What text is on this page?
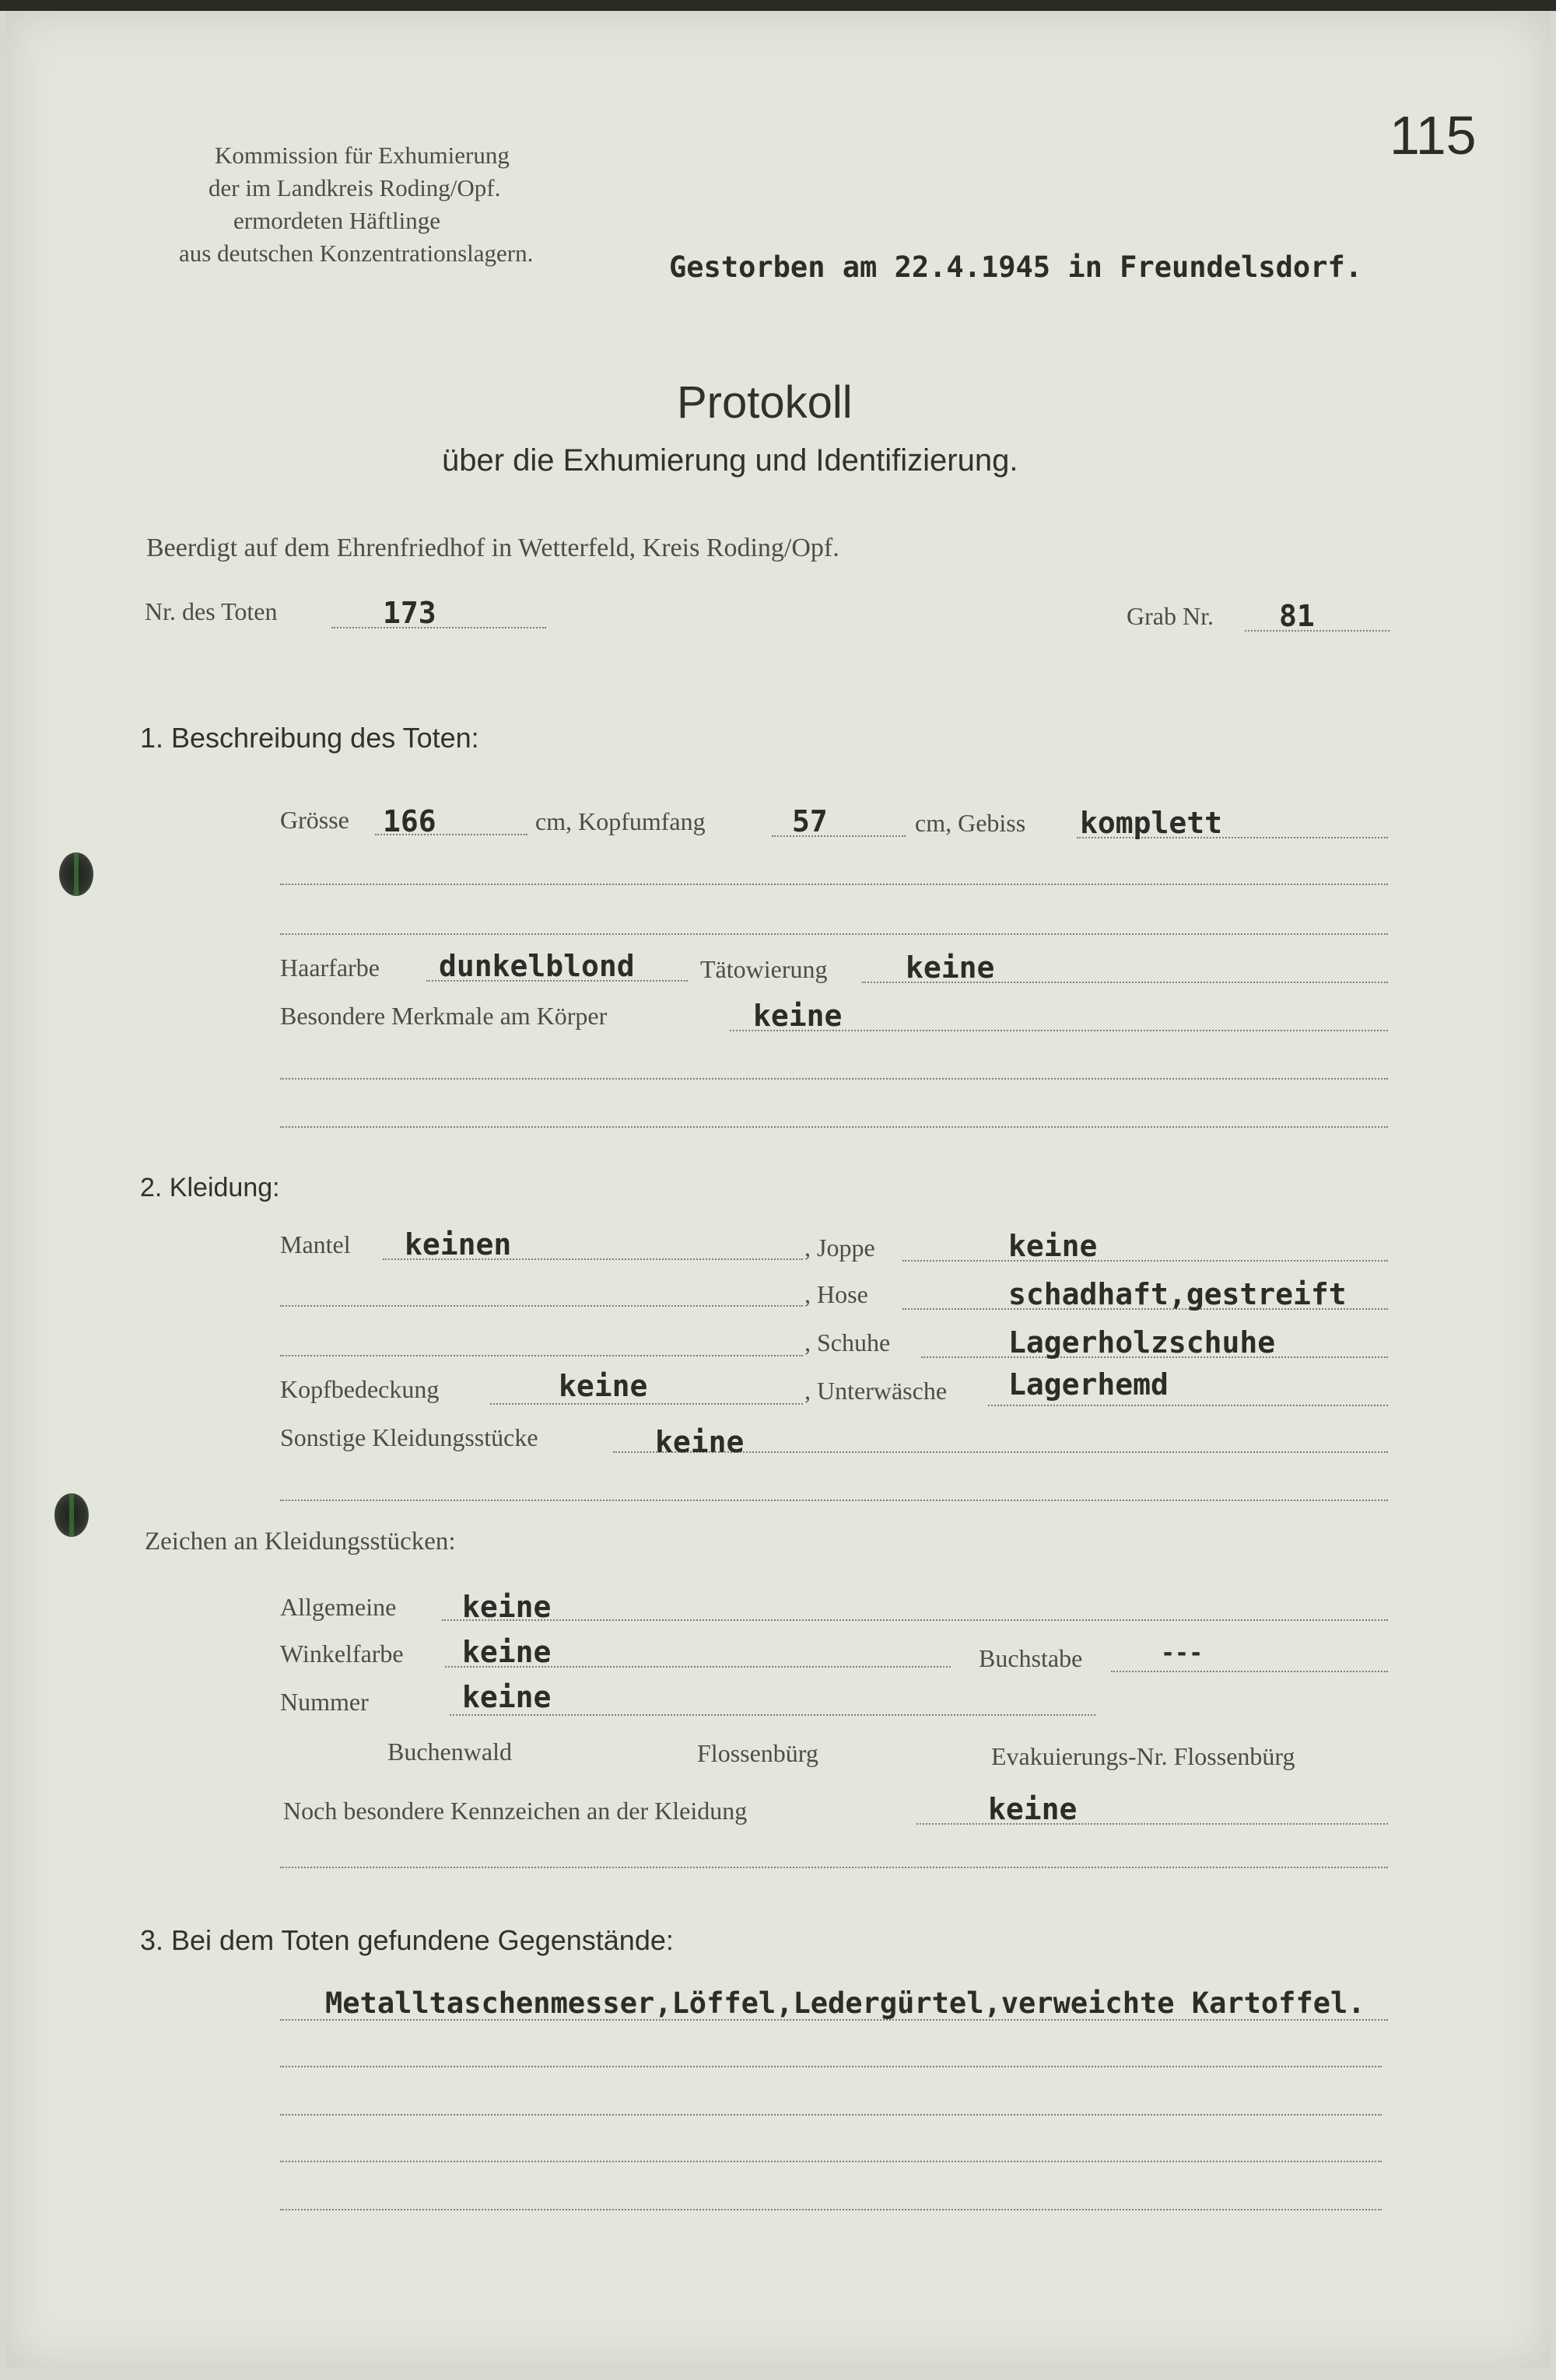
115
Kommission für Exhumierung
der im Landkreis Roding/Opf.
ermordeten Häftlinge
aus deutschen Konzentrationslagern.	Gestorben am 22.4.1945 in Freundelsdorf.
Protokoll
über die Exhumierung und Identifizierung.
Beerdigt auf dem Ehrenfriedhof in Wetterfeld, Kreis Roding/Opf.
Nr. des Toten	173	Grab Nr. 81
1. Beschreibung des Toten:
Grösse 166	cm, Kopfumfang	57	cm, Gebiss komplett
Haarfarbe dunkelblond	Tätowierung	keine
Besondere Merkmale am Körper	keine
2. Kleidung:
Mantel keinen	, Joppe	keine
, Hose	schadhaft,gestreift
, Schuhe	Lagerholzschuhe
Kopfbedeckung	keine	, Unterwäsche Lagerhemd
Sonstige Kleidungsstücke	keine
Zeichen an Kleidungsstücken:
Allgemeine keine
Winkelfarbe keine	Buchstabe	---
Nummer	keine
Buchenwald	Flossenbürg	Evakuierungs-Nr. Flossenbürg
Noch besondere Kennzeichen an der Kleidung	keine
3. Bei dem Toten gefundene Gegenstände:
Metalltaschenmesser,Löffel,Ledergürtel,verweichte Kartoffel.
